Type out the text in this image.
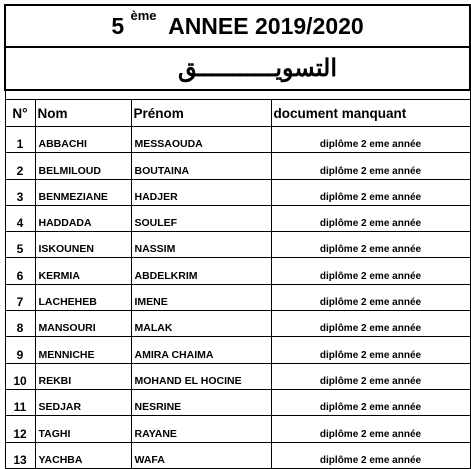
5 $^{ème}$ ANNEE 2019/2020			
التسويـــــــــــق			

N°	Nom	Prénom	document manquant
1	ABBACHI	MESSAOUDA	diplôme 2 eme année
2	BELMILOUD	BOUTAINA	diplôme 2 eme année
3	BENMEZIANE	HADJER	diplôme 2 eme année
4	HADDADA	SOULEF	diplôme 2 eme année
5	ISKOUNEN	NASSIM	diplôme 2 eme année
6	KERMIA	ABDELKRIM	diplôme 2 eme année
7	LACHEHEB	IMENE	diplôme 2 eme année
8	MANSOURI	MALAK	diplôme 2 eme année
9	MENNICHE	AMIRA CHAIMA	diplôme 2 eme année
10	REKBI	MOHAND EL HOCINE	diplôme 2 eme année
11	SEDJAR	NESRINE	diplôme 2 eme année
12	TAGHI	RAYANE	diplôme 2 eme année
13	YACHBA	WAFA	diplôme 2 eme année
